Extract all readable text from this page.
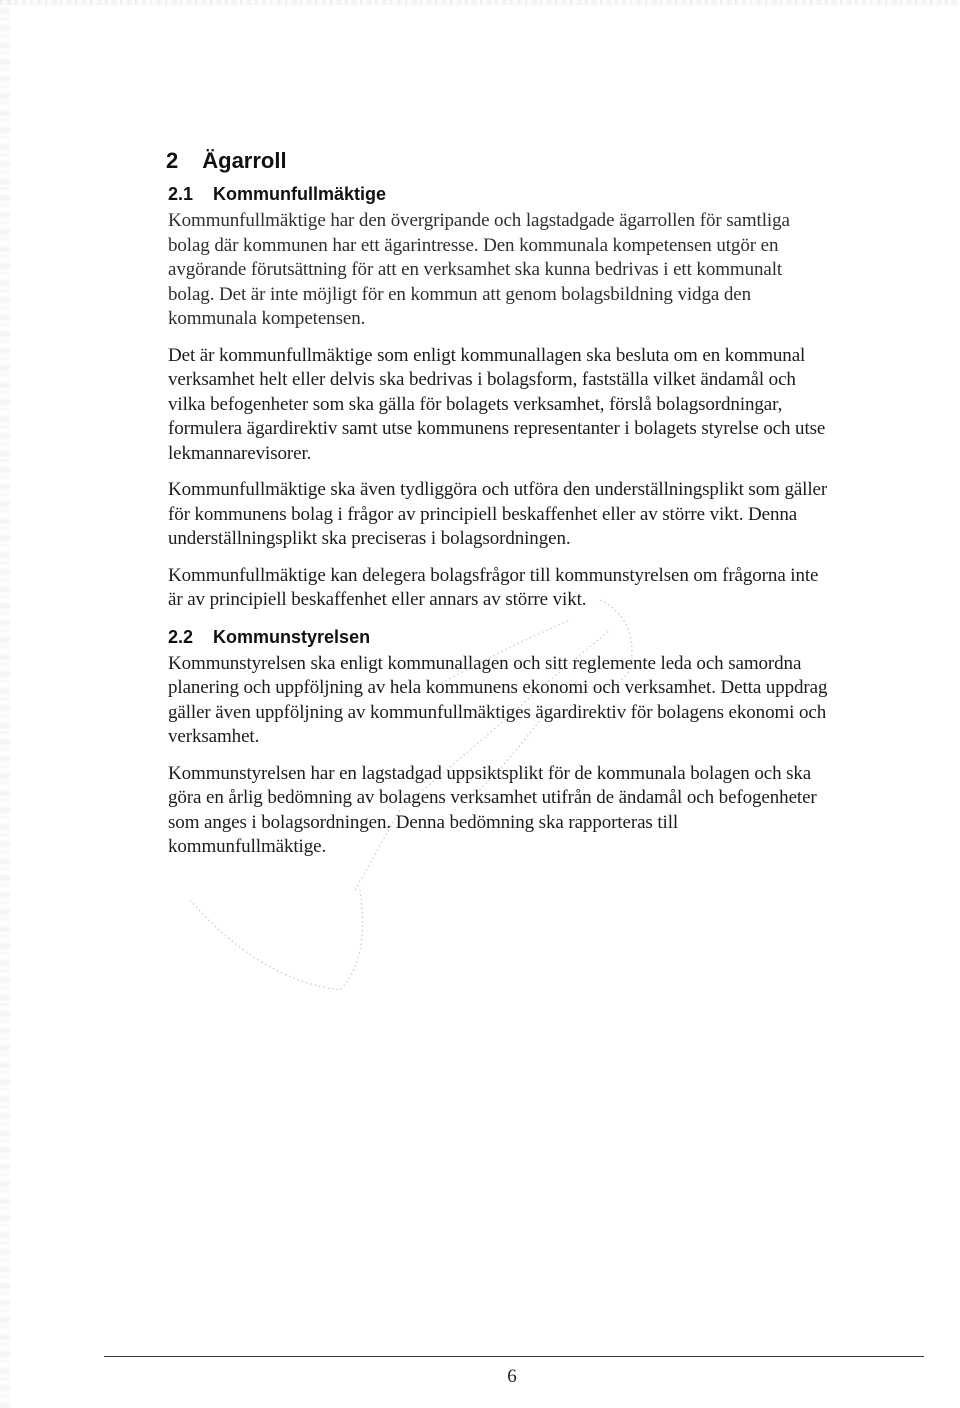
2 Ägarroll
2.1 Kommunfullmäktige

Kommunfullmäktige har den övergripande och lagstadgade ägarrollen för samtliga bolag där kommunen har ett ägarintresse. Den kommunala kompetensen utgör en avgörande förutsättning för att en verksamhet ska kunna bedrivas i ett kommunalt bolag. Det är inte möjligt för en kommun att genom bolagsbildning vidga den kommunala kompetensen.

Det är kommunfullmäktige som enligt kommunallagen ska besluta om en kommunal verksamhet helt eller delvis ska bedrivas i bolagsform, fastställa vilket ändamål och vilka befogenheter som ska gälla för bolagets verksamhet, förslå bolagsordningar, formulera ägardirektiv samt utse kommunens representanter i bolagets styrelse och utse lekmannarevisorer.

Kommunfullmäktige ska även tydliggöra och utföra den underställningsplikt som gäller för kommunens bolag i frågor av principiell beskaffenhet eller av större vikt. Denna underställningsplikt ska preciseras i bolagsordningen.

Kommunfullmäktige kan delegera bolagsfrågor till kommunstyrelsen om frågorna inte är av principiell beskaffenhet eller annars av större vikt.

2.2 Kommunstyrelsen

Kommunstyrelsen ska enligt kommunallagen och sitt reglemente leda och samordna planering och uppföljning av hela kommunens ekonomi och verksamhet. Detta uppdrag gäller även uppföljning av kommunfullmäktiges ägardirektiv för bolagens ekonomi och verksamhet.

Kommunstyrelsen har en lagstadgad uppsiktsplikt för de kommunala bolagen och ska göra en årlig bedömning av bolagens verksamhet utifrån de ändamål och befogenheter som anges i bolagsordningen. Denna bedömning ska rapporteras till kommunfullmäktige.

6
